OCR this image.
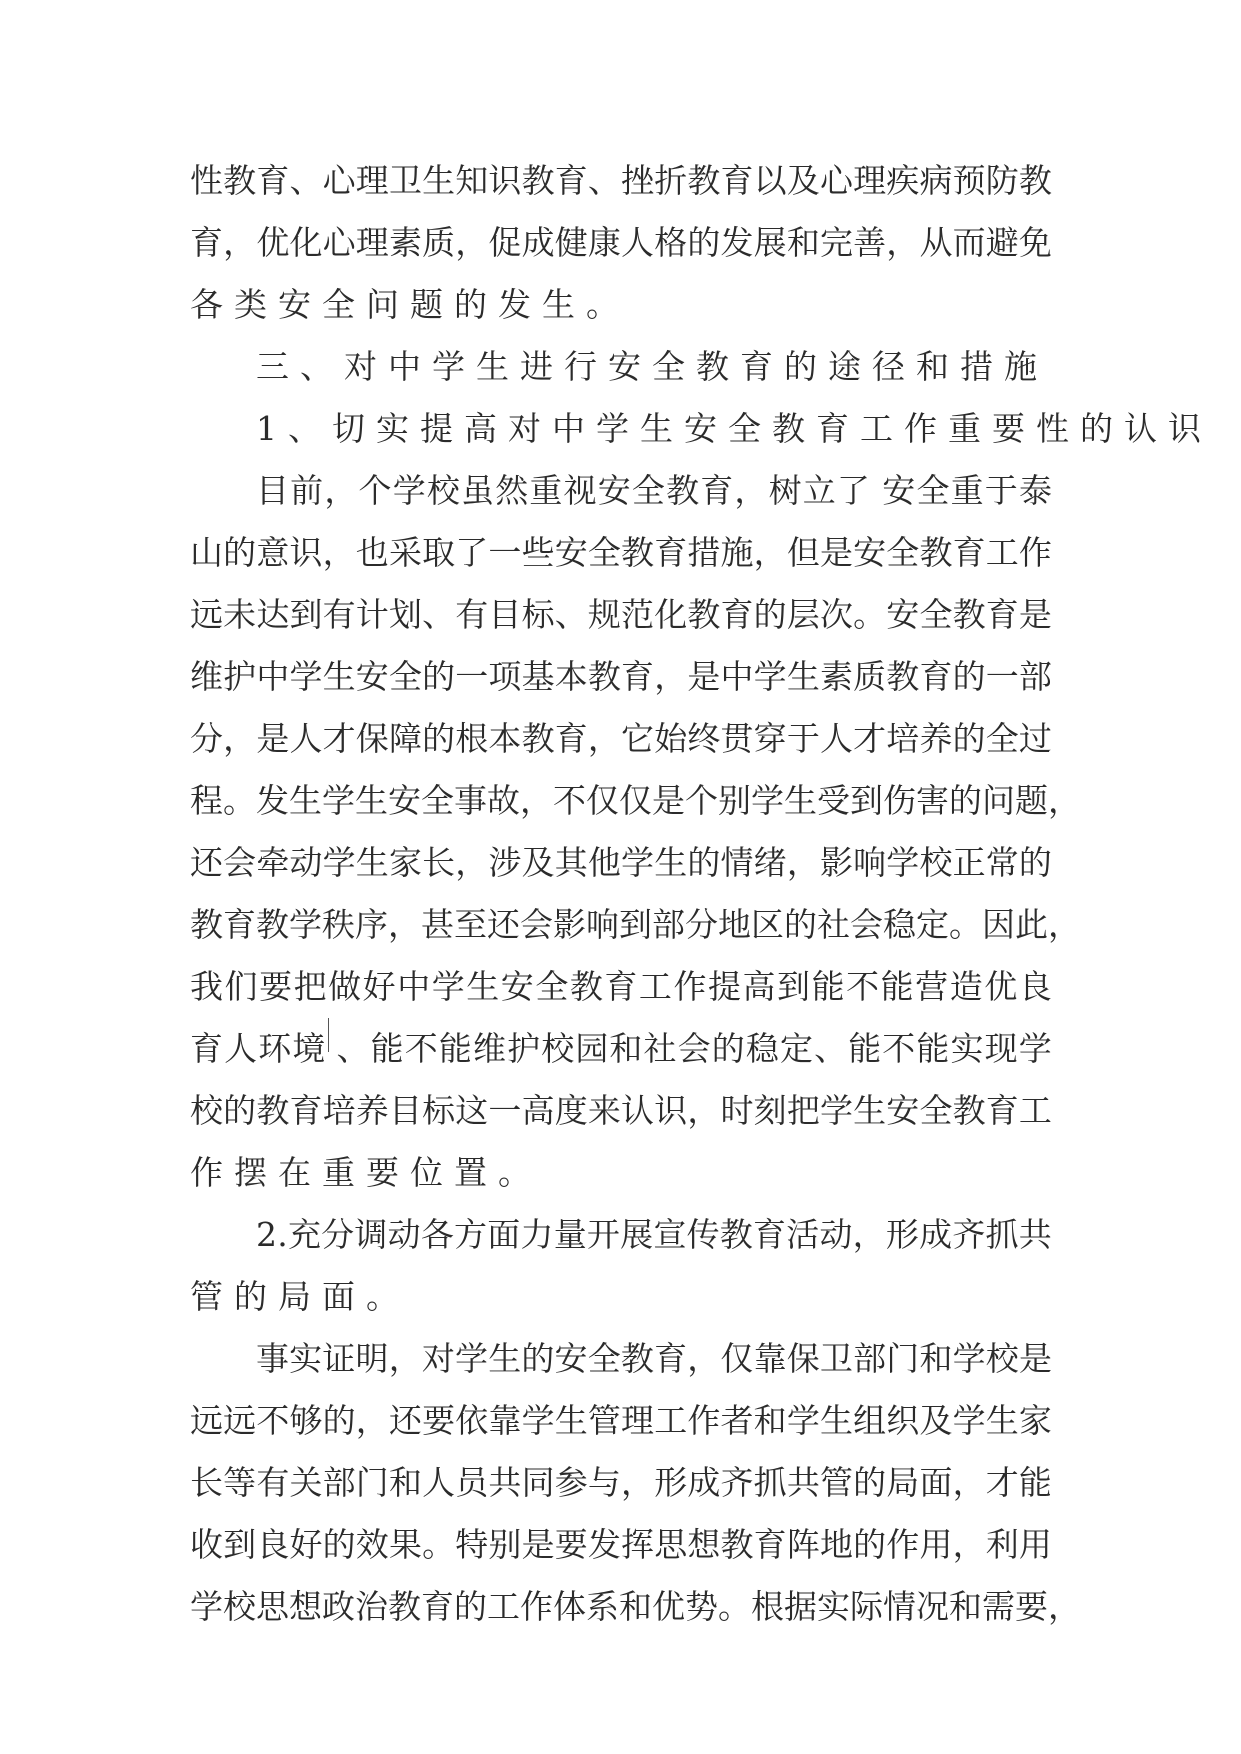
性 教 育 、 心 理 卫 生 知 识 教 育 、 挫 折 教 育 以 及 心 理 疾 病 预 防 教
育 ， 优 化 心 理 素 质 ， 促 成 健 康 人 格 的 发 展 和 完 善 ， 从 而 避 免
各 类 安 全 问 题 的 发 生 。
三 、 对 中 学 生 进 行 安 全 教 育 的 途 径 和 措 施
1 、 切 实 提 高 对 中 学 生 安 全 教 育 工 作 重 要 性 的 认 识
目 前 ， 个 学 校 虽 然 重 视 安 全 教 育 ， 树 立 了 安 全 重 于 泰
山 的 意 识 ， 也 采 取 了 一 些 安 全 教 育 措 施 ， 但 是 安 全 教 育 工 作
远 未 达 到 有 计 划 、 有 目 标 、 规 范 化 教 育 的 层 次 。 安 全 教 育 是
维 护 中 学 生 安 全 的 一 项 基 本 教 育 ， 是 中 学 生 素 质 教 育 的 一 部
分 ， 是 人 才 保 障 的 根 本 教 育 ， 它 始 终 贯 穿 于 人 才 培 养 的 全 过
程 。 发 生 学 生 安 全 事 故 ， 不 仅 仅 是 个 别 学 生 受 到 伤 害 的 问 题 ，
还 会 牵 动 学 生 家 长 ， 涉 及 其 他 学 生 的 情 绪 ， 影 响 学 校 正 常 的
教 育 教 学 秩 序 ， 甚 至 还 会 影 响 到 部 分 地 区 的 社 会 稳 定 。 因 此 ，
我 们 要 把 做 好 中 学 生 安 全 教 育 工 作 提 高 到 能 不 能 营 造 优 良
育 人 环 境 、 能 不 能 维 护 校 园 和 社 会 的 稳 定 、 能 不 能 实 现 学
校 的 教 育 培 养 目 标 这 一 高 度 来 认 识 ， 时 刻 把 学 生 安 全 教 育 工
作 摆 在 重 要 位 置 。
2 . 充 分 调 动 各 方 面 力 量 开 展 宣 传 教 育 活 动 ， 形 成 齐 抓 共
管 的 局 面 。
事 实 证 明 ， 对 学 生 的 安 全 教 育 ， 仅 靠 保 卫 部 门 和 学 校 是
远 远 不 够 的 ， 还 要 依 靠 学 生 管 理 工 作 者 和 学 生 组 织 及 学 生 家
长 等 有 关 部 门 和 人 员 共 同 参 与 ， 形 成 齐 抓 共 管 的 局 面 ， 才 能
收 到 良 好 的 效 果 。 特 别 是 要 发 挥 思 想 教 育 阵 地 的 作 用 ， 利 用
学 校 思 想 政 治 教 育 的 工 作 体 系 和 优 势 。 根 据 实 际 情 况 和 需 要 ，
